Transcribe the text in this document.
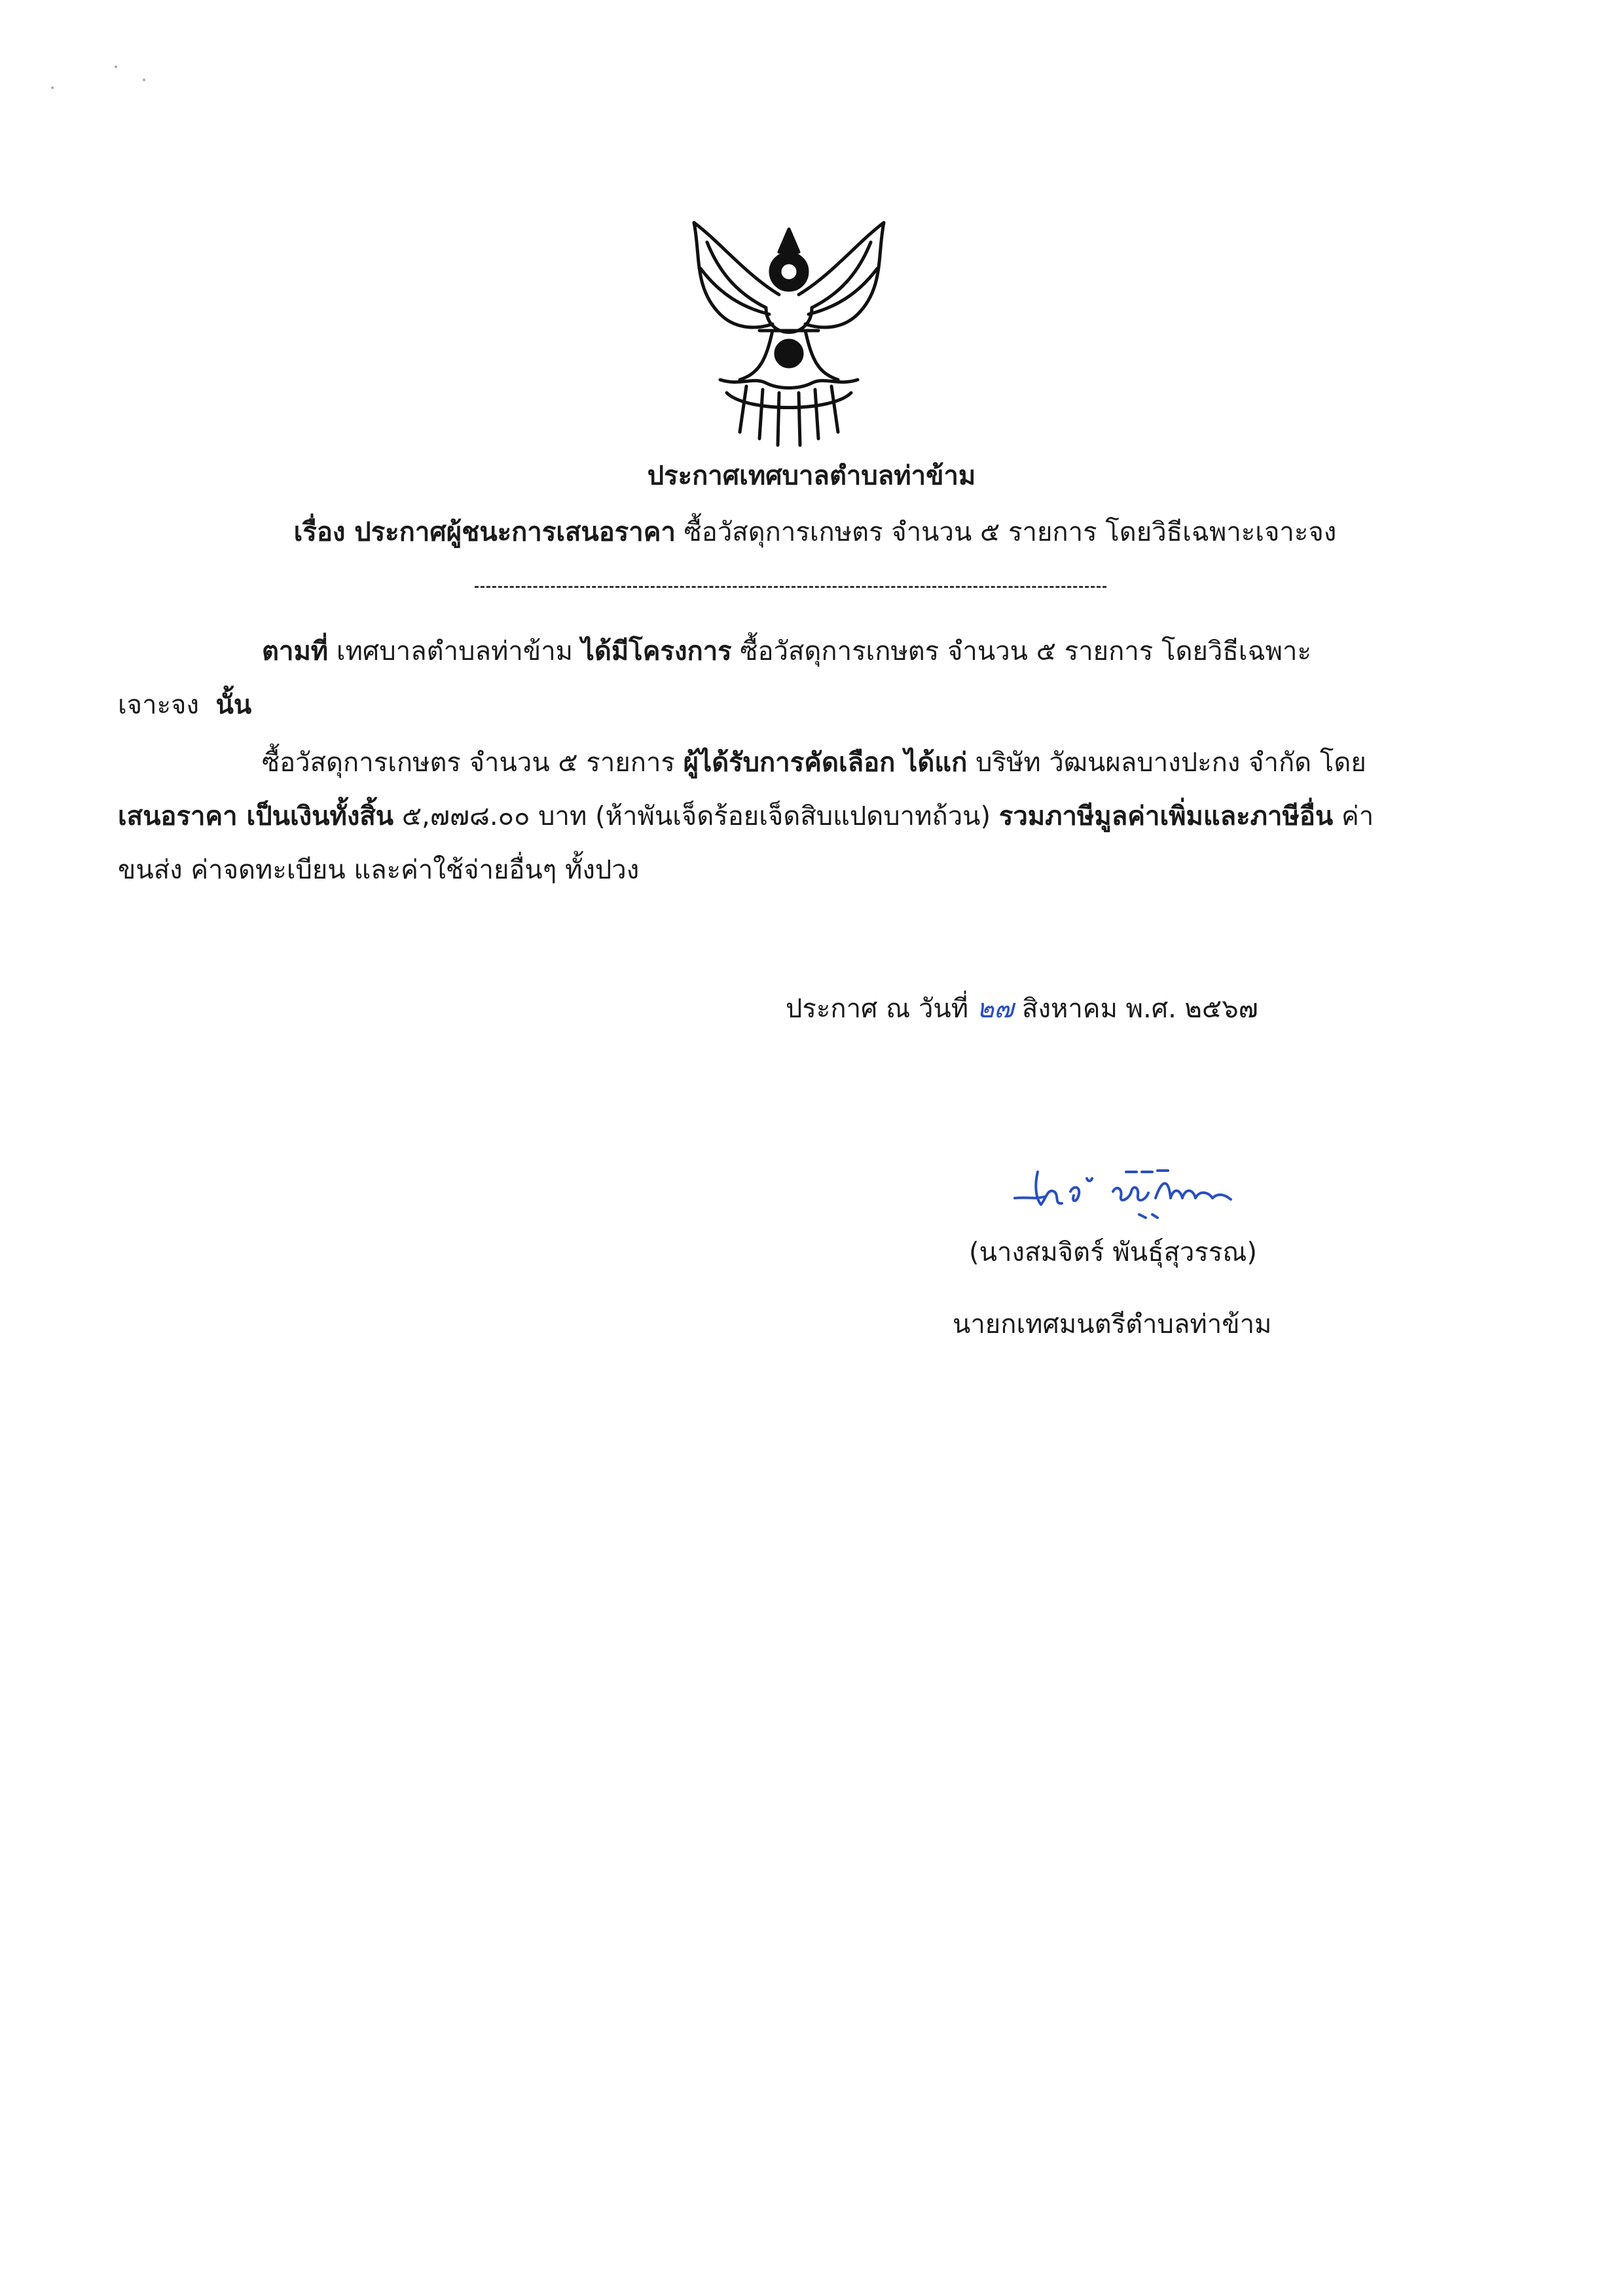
ประกาศเทศบาลตำบลท่าข้าม
เรื่อง ประกาศผู้ชนะการเสนอราคา ซื้อวัสดุการเกษตร จำนวน ๕ รายการ โดยวิธีเฉพาะเจาะจง
ตามที่ เทศบาลตำบลท่าข้าม ได้มีโครงการ ซื้อวัสดุการเกษตร จำนวน ๕ รายการ โดยวิธีเฉพาะ
เจาะจง นั้น
ซื้อวัสดุการเกษตร จำนวน ๕ รายการ ผู้ได้รับการคัดเลือก ได้แก่ บริษัท วัฒนผลบางปะกง จำกัด โดย
เสนอราคา เป็นเงินทั้งสิ้น ๕,๗๗๘.๐๐ บาท (ห้าพันเจ็ดร้อยเจ็ดสิบแปดบาทถ้วน) รวมภาษีมูลค่าเพิ่มและภาษีอื่น ค่า
ขนส่ง ค่าจดทะเบียน และค่าใช้จ่ายอื่นๆ ทั้งปวง
ประกาศ ณ วันที่ ๒๗ สิงหาคม พ.ศ. ๒๕๖๗
(นางสมจิตร์ พันธุ์สุวรรณ)
นายกเทศมนตรีตำบลท่าข้าม
